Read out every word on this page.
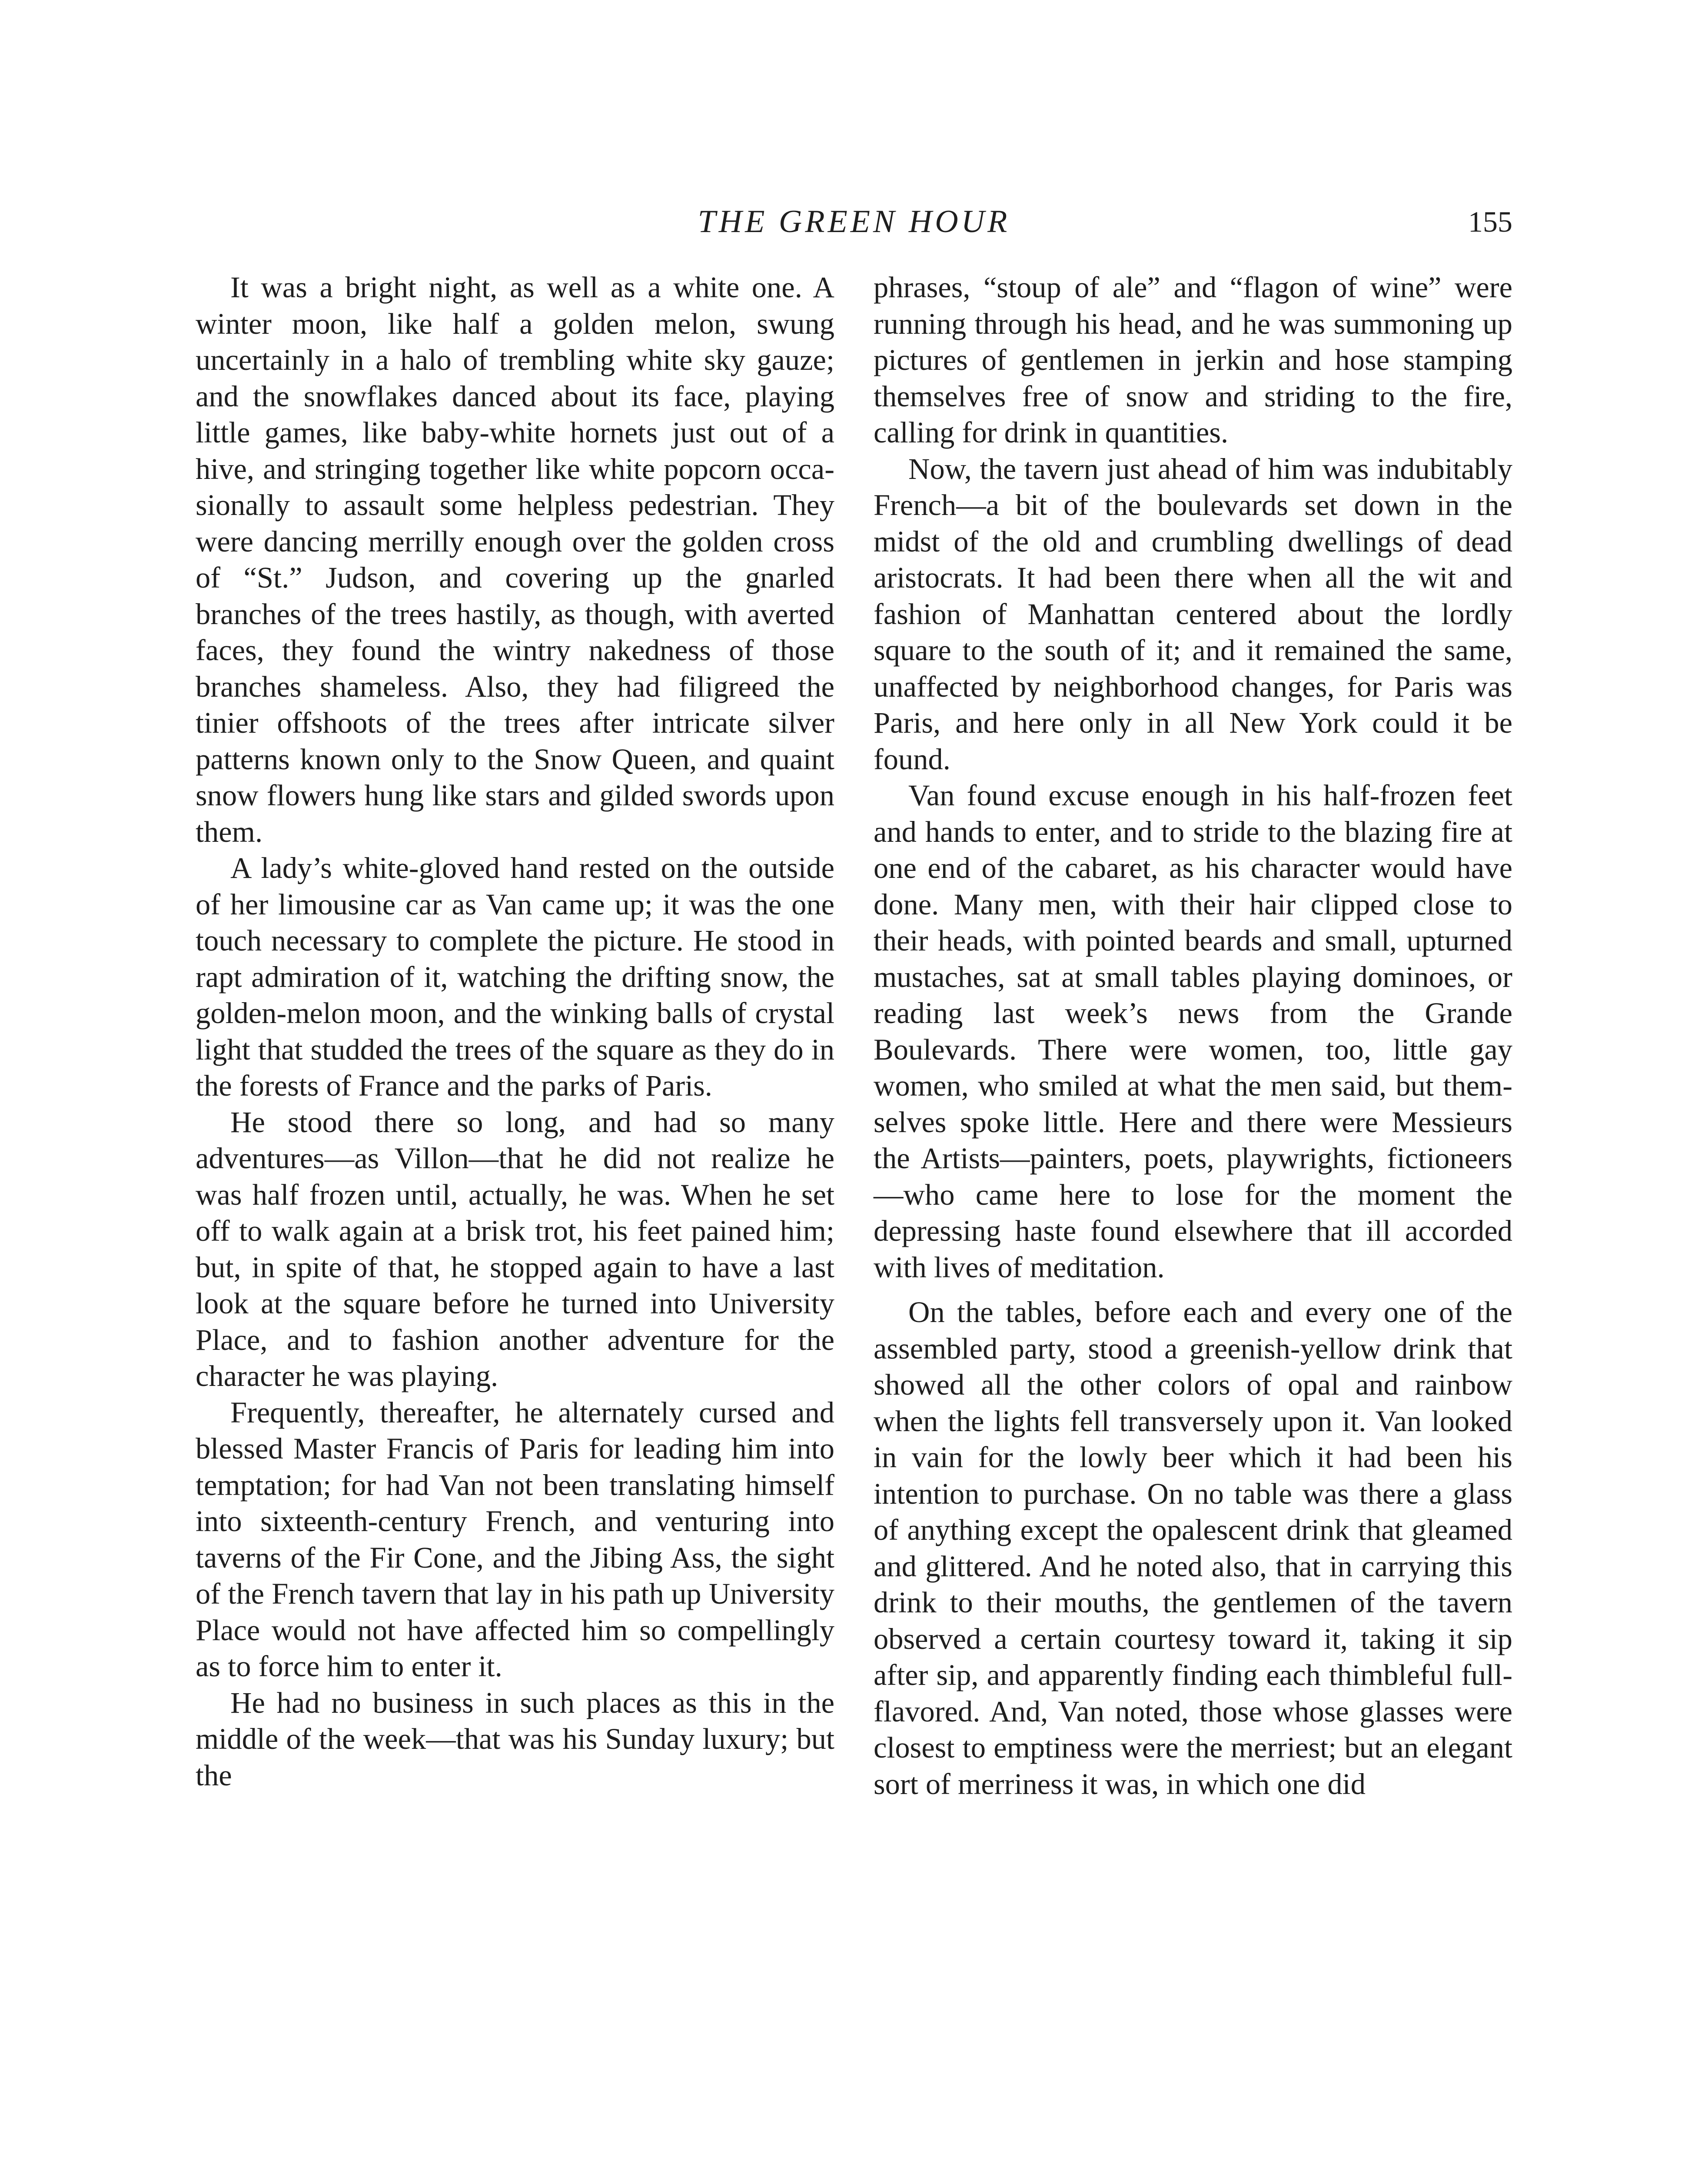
THE GREEN HOUR	155

It was a bright night, as well as a white one. A winter moon, like half a golden melon, swung uncertainly in a halo of trembling white sky gauze; and the snowflakes danced about its face, playing little games, like baby-white hornets just out of a hive, and stringing together like white popcorn occasionally to assault some helpless pedestrian. They were dancing merrilly enough over the golden cross of “St.” Judson, and covering up the gnarled branches of the trees hastily, as though, with averted faces, they found the wintry nakedness of those branches shameless. Also, they had filigreed the tinier offshoots of the trees after intricate silver patterns known only to the Snow Queen, and quaint snow flowers hung like stars and gilded swords upon them.

A lady’s white-gloved hand rested on the outside of her limousine car as Van came up; it was the one touch necessary to complete the picture. He stood in rapt admiration of it, watching the drifting snow, the golden-melon moon, and the winking balls of crystal light that studded the trees of the square as they do in the forests of France and the parks of Paris.

He stood there so long, and had so many adventures—as Villon—that he did not realize he was half frozen until, actually, he was. When he set off to walk again at a brisk trot, his feet pained him; but, in spite of that, he stopped again to have a last look at the square before he turned into University Place, and to fashion another adventure for the character he was playing.

Frequently, thereafter, he alternately cursed and blessed Master Francis of Paris for leading him into temptation; for had Van not been translating himself into sixteenth-century French, and venturing into taverns of the Fir Cone, and the Jibing Ass, the sight of the French tavern that lay in his path up University Place would not have affected him so compellingly as to force him to enter it.

He had no business in such places as this in the middle of the week—that was his Sunday luxury; but the

phrases, “stoup of ale” and “flagon of wine” were running through his head, and he was summoning up pictures of gentlemen in jerkin and hose stamping themselves free of snow and striding to the fire, calling for drink in quantities.

Now, the tavern just ahead of him was indubitably French—a bit of the boulevards set down in the midst of the old and crumbling dwellings of dead aristocrats. It had been there when all the wit and fashion of Manhattan centered about the lordly square to the south of it; and it remained the same, unaffected by neighborhood changes, for Paris was Paris, and here only in all New York could it be found.

Van found excuse enough in his half-frozen feet and hands to enter, and to stride to the blazing fire at one end of the cabaret, as his character would have done. Many men, with their hair clipped close to their heads, with pointed beards and small, upturned mustaches, sat at small tables playing dominoes, or reading last week’s news from the Grande Boulevards. There were women, too, little gay women, who smiled at what the men said, but themselves spoke little. Here and there were Messieurs the Artists—painters, poets, playwrights, fictioneers—who came here to lose for the moment the depressing haste found elsewhere that ill accorded with lives of meditation.

On the tables, before each and every one of the assembled party, stood a greenish-yellow drink that showed all the other colors of opal and rainbow when the lights fell transversely upon it. Van looked in vain for the lowly beer which it had been his intention to purchase. On no table was there a glass of anything except the opalescent drink that gleamed and glittered. And he noted also, that in carrying this drink to their mouths, the gentlemen of the tavern observed a certain courtesy toward it, taking it sip after sip, and apparently finding each thimbleful full-flavored. And, Van noted, those whose glasses were closest to emptiness were the merriest; but an elegant sort of merriness it was, in which one did
